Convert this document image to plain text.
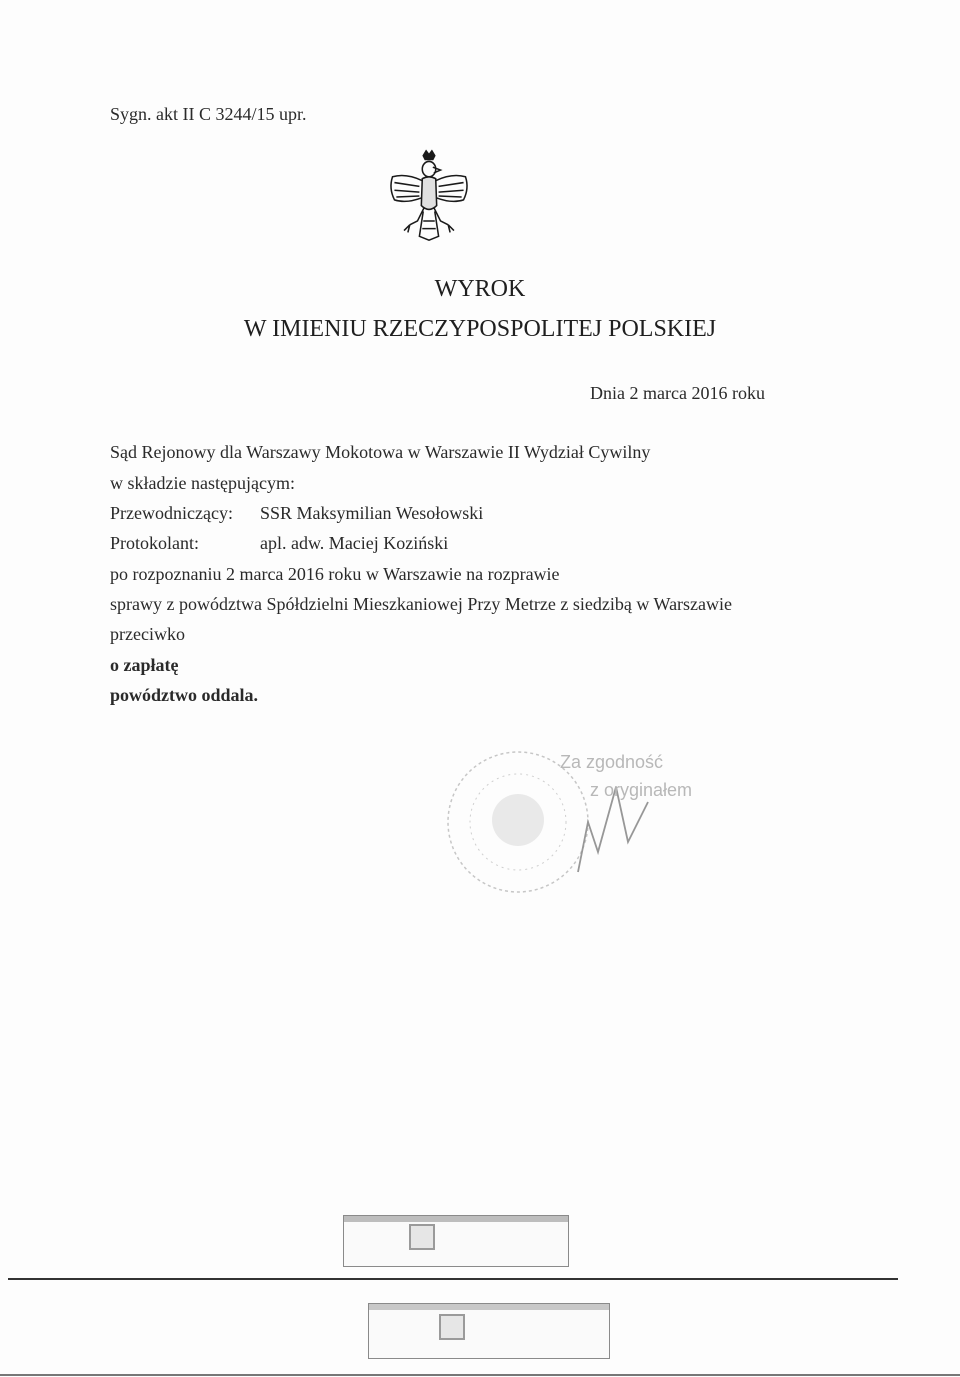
Sygn. akt II C 3244/15 upr.
WYROK
W IMIENIU RZECZYPOSPOLITEJ POLSKIEJ
Dnia 2 marca 2016 roku
Sąd Rejonowy dla Warszawy Mokotowa w Warszawie II Wydział Cywilny
w składzie następującym:
Przewodniczący: SSR Maksymilian Wesołowski
Protokolant:	apl. adw. Maciej Koziński
po rozpoznaniu 2 marca 2016 roku w Warszawie na rozprawie
sprawy z powództwa Spółdzielni Mieszkaniowej Przy Metrze z siedzibą w Warszawie
przeciwko
o zapłatę
powództwo oddala.
Za zgodność
z oryginałem
